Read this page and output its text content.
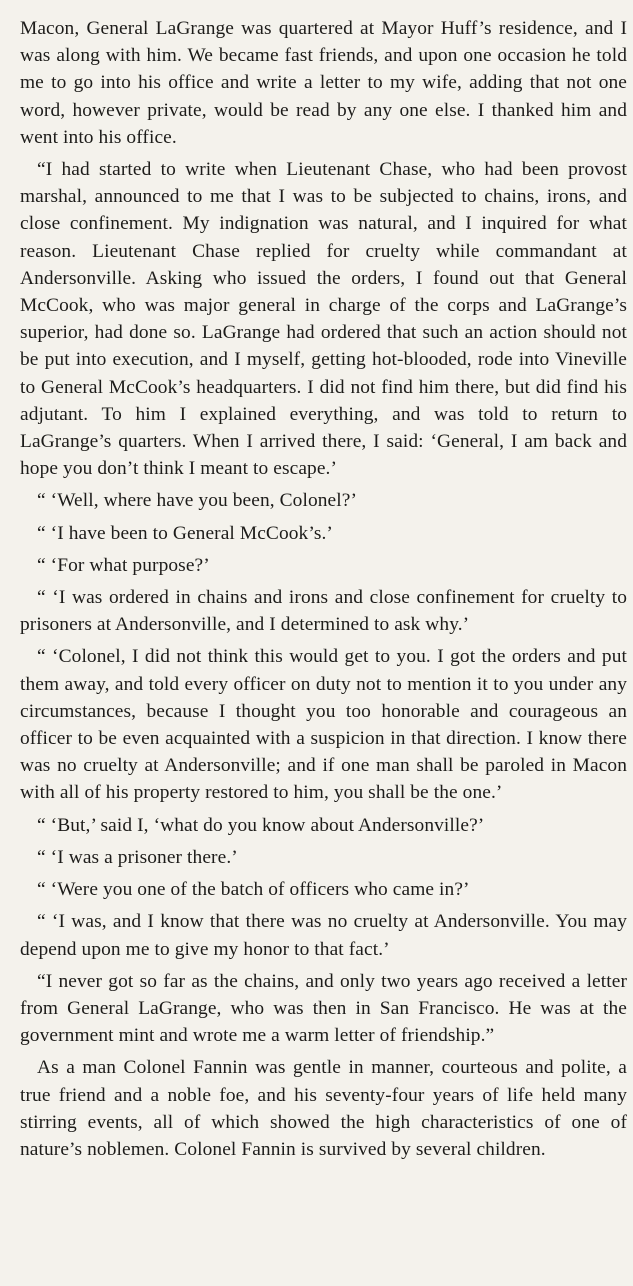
Macon, General LaGrange was quartered at Mayor Huff’s residence, and I was along with him. We became fast friends, and upon one occasion he told me to go into his office and write a letter to my wife, adding that not one word, however private, would be read by any one else. I thanked him and went into his office.

“I had started to write when Lieutenant Chase, who had been provost marshal, announced to me that I was to be subjected to chains, irons, and close confinement. My indignation was natural, and I inquired for what reason. Lieutenant Chase replied for cruelty while commandant at Andersonville. Asking who issued the orders, I found out that General McCook, who was major general in charge of the corps and LaGrange’s superior, had done so. LaGrange had ordered that such an action should not be put into execution, and I myself, getting hot-blooded, rode into Vineville to General McCook’s headquarters. I did not find him there, but did find his adjutant. To him I explained everything, and was told to return to LaGrange’s quarters. When I arrived there, I said: ‘General, I am back and hope you don’t think I meant to escape.’

“ ‘Well, where have you been, Colonel?’

“ ‘I have been to General McCook’s.’

“ ‘For what purpose?’

“ ‘I was ordered in chains and irons and close confinement for cruelty to prisoners at Andersonville, and I determined to ask why.’

“ ‘Colonel, I did not think this would get to you. I got the orders and put them away, and told every officer on duty not to mention it to you under any circumstances, because I thought you too honorable and courageous an officer to be even acquainted with a suspicion in that direction. I know there was no cruelty at Andersonville; and if one man shall be paroled in Macon with all of his property restored to him, you shall be the one.’

“ ‘But,’ said I, ‘what do you know about Andersonville?’

“ ‘I was a prisoner there.’

“ ‘Were you one of the batch of officers who came in?’

“ ‘I was, and I know that there was no cruelty at Andersonville. You may depend upon me to give my honor to that fact.’

“I never got so far as the chains, and only two years ago received a letter from General LaGrange, who was then in San Francisco. He was at the government mint and wrote me a warm letter of friendship.”

As a man Colonel Fannin was gentle in manner, courteous and polite, a true friend and a noble foe, and his seventy-four years of life held many stirring events, all of which showed the high characteristics of one of nature’s noblemen. Colonel Fannin is survived by several children.
